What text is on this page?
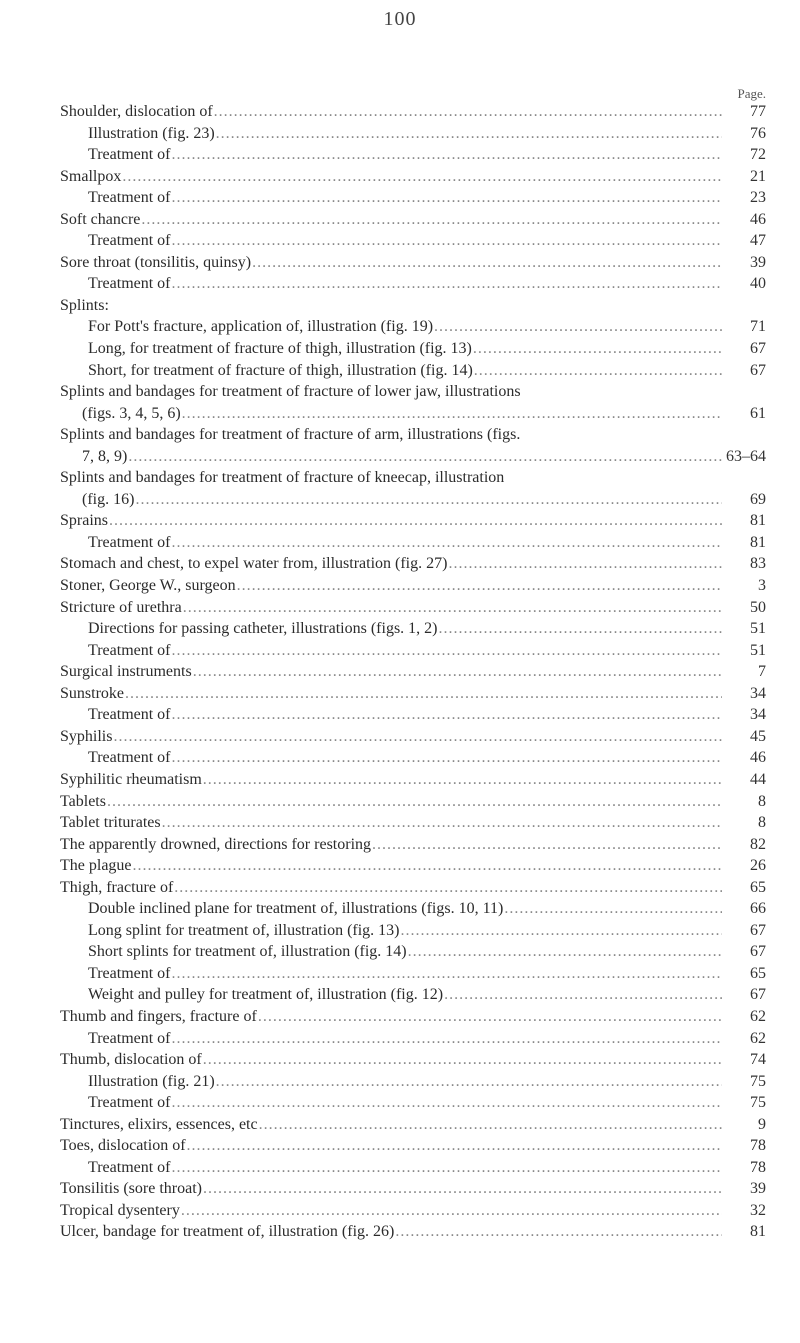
100
Page.
Shoulder, dislocation of .....	77
Illustration (fig. 23) .....	76
Treatment of .....	72
Smallpox .....	21
Treatment of .....	23
Soft chancre .....	46
Treatment of .....	47
Sore throat (tonsilitis, quinsy) .....	39
Treatment of .....	40
Splints:
For Pott's fracture, application of, illustration (fig. 19) .....	71
Long, for treatment of fracture of thigh, illustration (fig. 13) .....	67
Short, for treatment of fracture of thigh, illustration (fig. 14) .....	67
Splints and bandages for treatment of fracture of lower jaw, illustrations
(figs. 3, 4, 5, 6) .....	61
Splints and bandages for treatment of fracture of arm, illustrations (figs.
7, 8, 9) .....	63–64
Splints and bandages for treatment of fracture of kneecap, illustration
(fig. 16) .....	69
Sprains .....	81
Treatment of .....	81
Stomach and chest, to expel water from, illustration (fig. 27) .....	83
Stoner, George W., surgeon .....	3
Stricture of urethra .....	50
Directions for passing catheter, illustrations (figs. 1, 2) .....	51
Treatment of .....	51
Surgical instruments .....	7
Sunstroke .....	34
Treatment of .....	34
Syphilis .....	45
Treatment of .....	46
Syphilitic rheumatism .....	44
Tablets .....	8
Tablet triturates .....	8
The apparently drowned, directions for restoring .....	82
The plague .....	26
Thigh, fracture of .....	65
Double inclined plane for treatment of, illustrations (figs. 10, 11) .....	66
Long splint for treatment of, illustration (fig. 13) .....	67
Short splints for treatment of, illustration (fig. 14) .....	67
Treatment of .....	65
Weight and pulley for treatment of, illustration (fig. 12) .....	67
Thumb and fingers, fracture of .....	62
Treatment of .....	62
Thumb, dislocation of .....	74
Illustration (fig. 21) .....	75
Treatment of .....	75
Tinctures, elixirs, essences, etc .....	9
Toes, dislocation of .....	78
Treatment of .....	78
Tonsilitis (sore throat) .....	39
Tropical dysentery .....	32
Ulcer, bandage for treatment of, illustration (fig. 26) .....	81
